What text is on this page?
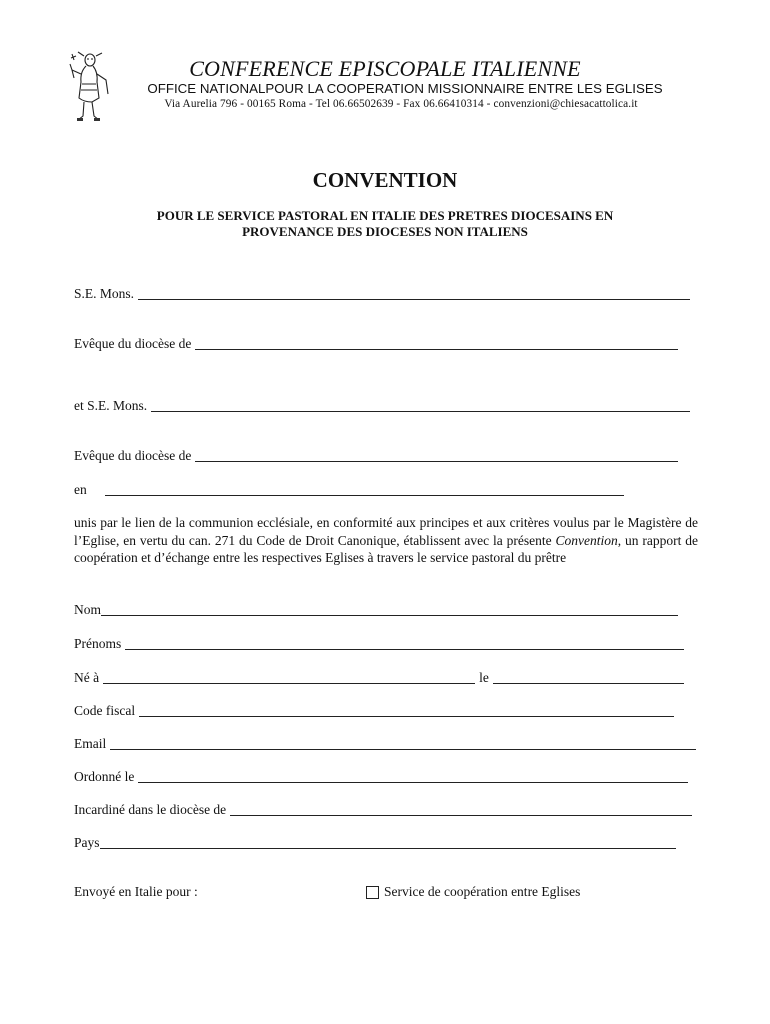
CONFERENCE EPISCOPALE ITALIENNE
OFFICE NATIONALPOUR LA COOPERATION MISSIONNAIRE ENTRE LES EGLISES
Via Aurelia 796 - 00165 Roma - Tel 06.66502639 - Fax 06.66410314 - convenzioni@chiesacattolica.it
CONVENTION
POUR LE SERVICE PASTORAL EN ITALIE DES PRETRES DIOCESAINS EN
PROVENANCE DES DIOCESES NON ITALIENS
S.E. Mons.
Evêque du diocèse de
et S.E. Mons.
Evêque du diocèse de
en
unis par le lien de la communion ecclésiale, en conformité aux principes et aux critères voulus par le Magistère de l’Eglise, en vertu du can. 271 du Code de Droit Canonique, établissent avec la présente Convention, un rapport de coopération et d’échange entre les respectives Eglises à travers le service pastoral du prêtre
Nom
Prénoms
Né à	le
Code fiscal
Email
Ordonné le
Incardiné dans le diocèse de
Pays
Envoyé en Italie pour :	Service de coopération entre Eglises
